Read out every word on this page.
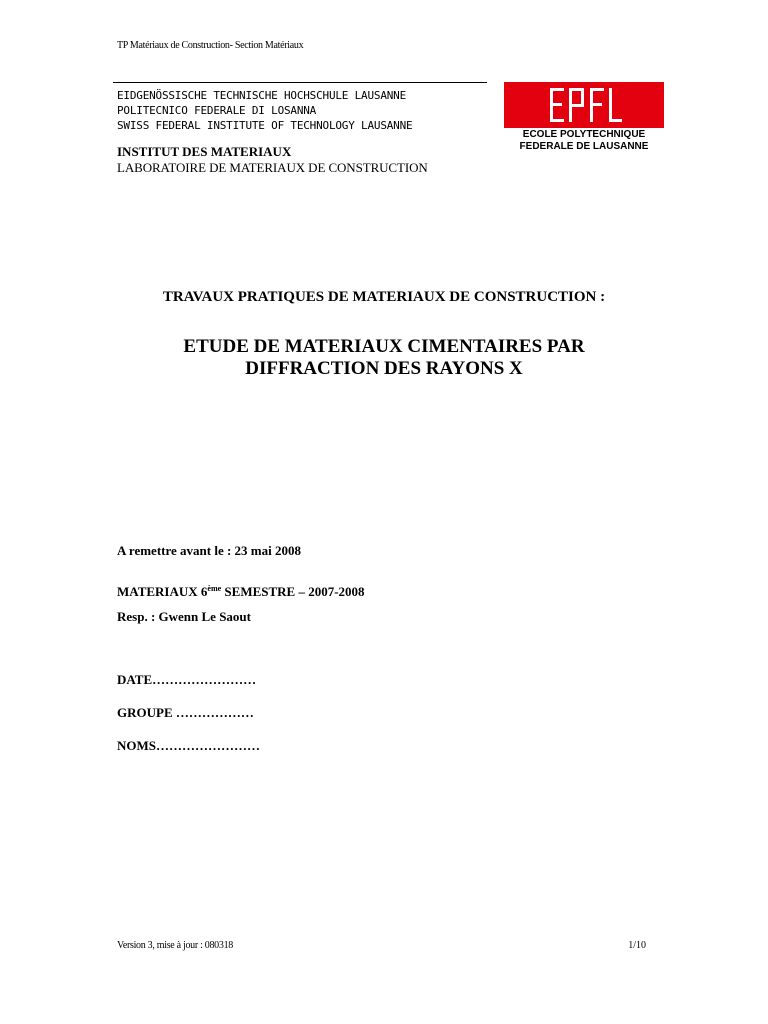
TP Matériaux de Construction- Section Matériaux
EIDGENÖSSISCHE TECHNISCHE HOCHSCHULE LAUSANNE
POLITECNICO FEDERALE DI LOSANNA
SWISS FEDERAL INSTITUTE OF TECHNOLOGY LAUSANNE
INSTITUT DES MATERIAUX
LABORATOIRE DE MATERIAUX DE CONSTRUCTION
ECOLE POLYTECHNIQUE
FEDERALE DE LAUSANNE
TRAVAUX PRATIQUES DE MATERIAUX DE CONSTRUCTION :
ETUDE DE MATERIAUX CIMENTAIRES PAR
DIFFRACTION DES RAYONS X
A remettre avant le : 23 mai 2008
MATERIAUX 6ème SEMESTRE – 2007-2008
Resp. : Gwenn Le Saout
DATE……………………
GROUPE ………………
NOMS……………………
Version 3, mise à jour : 080318	1/10
